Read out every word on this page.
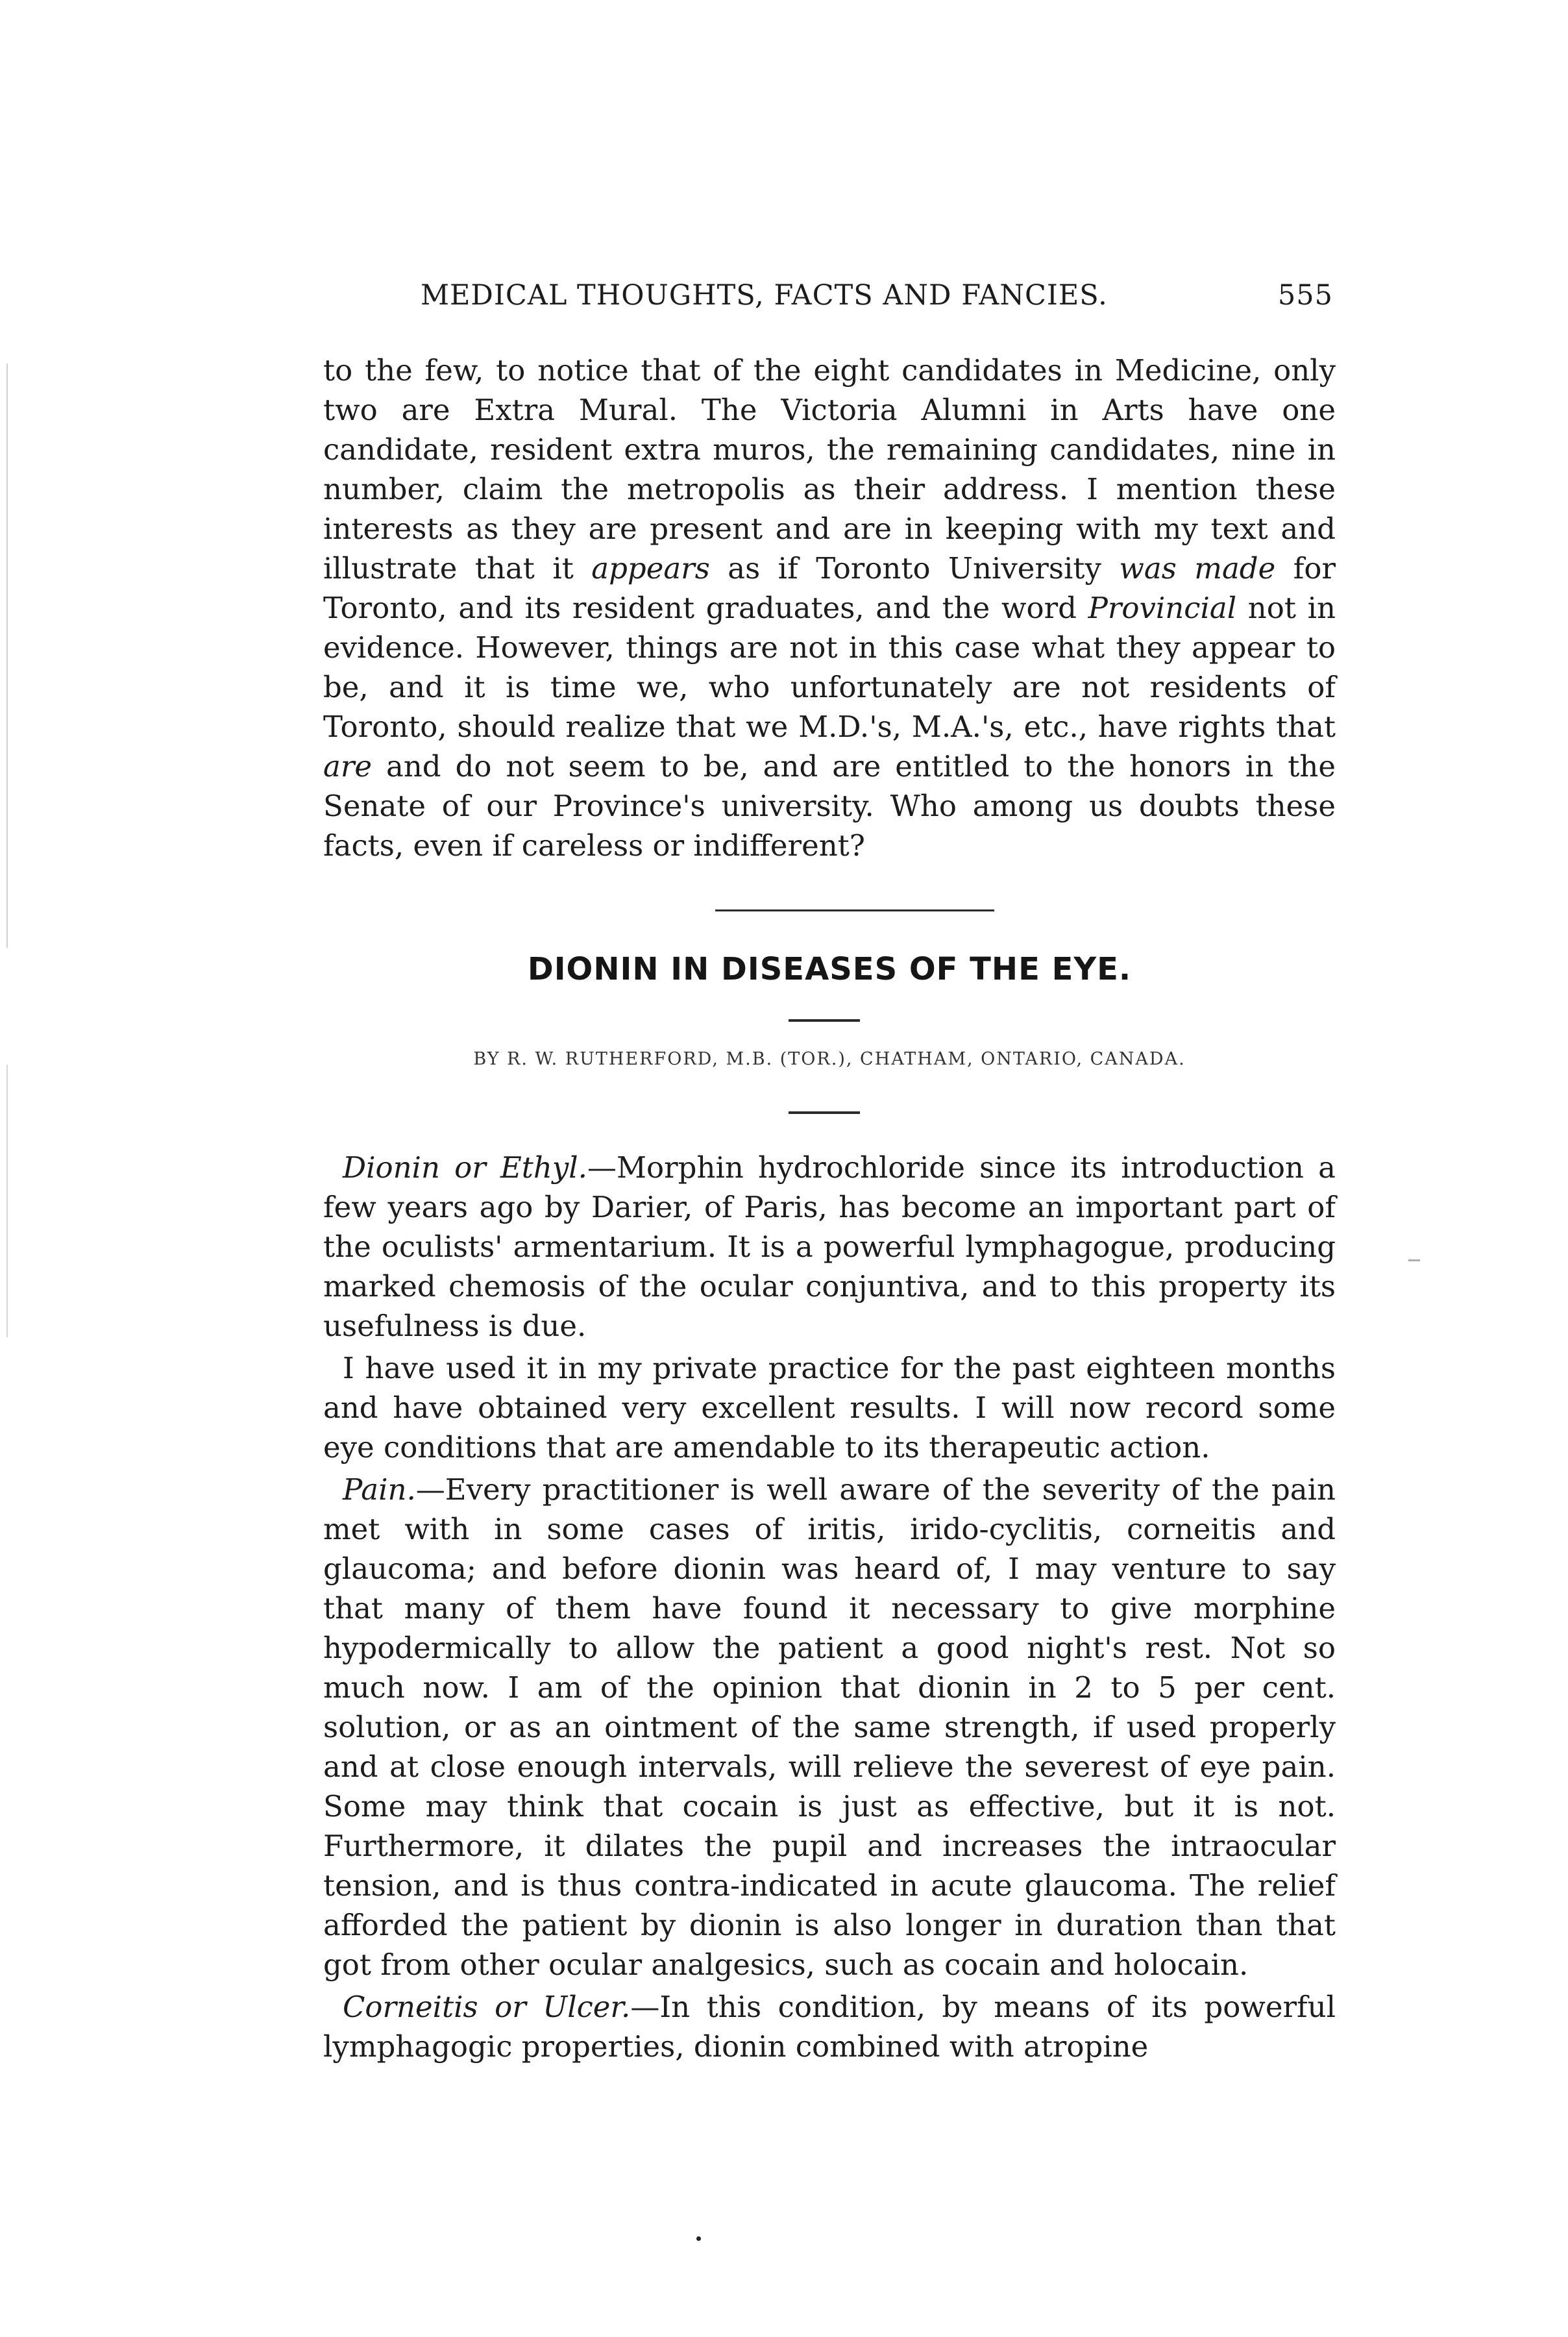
MEDICAL THOUGHTS, FACTS AND FANCIES.	555

to the few, to notice that of the eight candidates in Medicine, only two are Extra Mural. The Victoria Alumni in Arts have one candidate, resident extra muros, the remaining candidates, nine in number, claim the metropolis as their address. I mention these interests as they are present and are in keeping with my text and illustrate that it appears as if Toronto University was made for Toronto, and its resident graduates, and the word Provincial not in evidence. However, things are not in this case what they appear to be, and it is time we, who unfortunately are not residents of Toronto, should realize that we M.D.'s, M.A.'s, etc., have rights that are and do not seem to be, and are entitled to the honors in the Senate of our Province's university. Who among us doubts these facts, even if careless or indifferent?

DIONIN IN DISEASES OF THE EYE.
BY R. W. RUTHERFORD, M.B. (TOR.), CHATHAM, ONTARIO, CANADA.

Dionin or Ethyl.—Morphin hydrochloride since its introduction a few years ago by Darier, of Paris, has become an important part of the oculists' armentarium. It is a powerful lymphagogue, producing marked chemosis of the ocular conjuntiva, and to this property its usefulness is due.

I have used it in my private practice for the past eighteen months and have obtained very excellent results. I will now record some eye conditions that are amendable to its therapeutic action.

Pain.—Every practitioner is well aware of the severity of the pain met with in some cases of iritis, irido-cyclitis, corneitis and glaucoma; and before dionin was heard of, I may venture to say that many of them have found it necessary to give morphine hypodermically to allow the patient a good night's rest. Not so much now. I am of the opinion that dionin in 2 to 5 per cent. solution, or as an ointment of the same strength, if used properly and at close enough intervals, will relieve the severest of eye pain. Some may think that cocain is just as effective, but it is not. Furthermore, it dilates the pupil and increases the intraocular tension, and is thus contra-indicated in acute glaucoma. The relief afforded the patient by dionin is also longer in duration than that got from other ocular analgesics, such as cocain and holocain.

Corneitis or Ulcer.—In this condition, by means of its powerful lymphagogic properties, dionin combined with atropine
